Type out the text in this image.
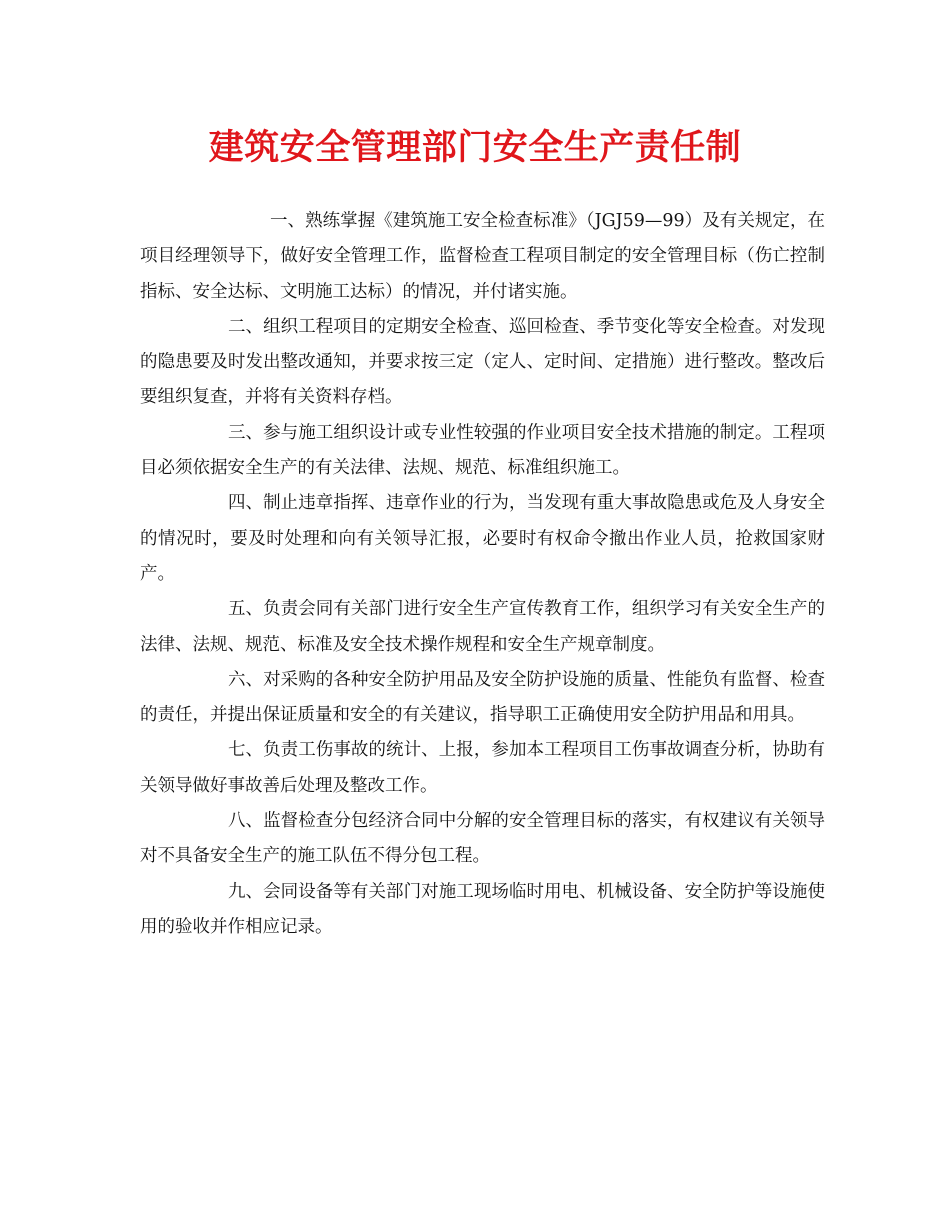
建筑安全管理部门安全生产责任制

一、熟练掌握《建筑施工安全检查标准》（JGJ59—99）及有关规定，在项目经理领导下，做好安全管理工作，监督检查工程项目制定的安全管理目标（伤亡控制指标、安全达标、文明施工达标）的情况，并付诸实施。

二、组织工程项目的定期安全检查、巡回检查、季节变化等安全检查。对发现的隐患要及时发出整改通知，并要求按三定（定人、定时间、定措施）进行整改。整改后要组织复查，并将有关资料存档。

三、参与施工组织设计或专业性较强的作业项目安全技术措施的制定。工程项目必须依据安全生产的有关法律、法规、规范、标准组织施工。

四、制止违章指挥、违章作业的行为，当发现有重大事故隐患或危及人身安全的情况时，要及时处理和向有关领导汇报，必要时有权命令撤出作业人员，抢救国家财产。

五、负责会同有关部门进行安全生产宣传教育工作，组织学习有关安全生产的法律、法规、规范、标准及安全技术操作规程和安全生产规章制度。

六、对采购的各种安全防护用品及安全防护设施的质量、性能负有监督、检查的责任，并提出保证质量和安全的有关建议，指导职工正确使用安全防护用品和用具。

七、负责工伤事故的统计、上报，参加本工程项目工伤事故调查分析，协助有关领导做好事故善后处理及整改工作。

八、监督检查分包经济合同中分解的安全管理目标的落实，有权建议有关领导对不具备安全生产的施工队伍不得分包工程。

九、会同设备等有关部门对施工现场临时用电、机械设备、安全防护等设施使用的验收并作相应记录。
